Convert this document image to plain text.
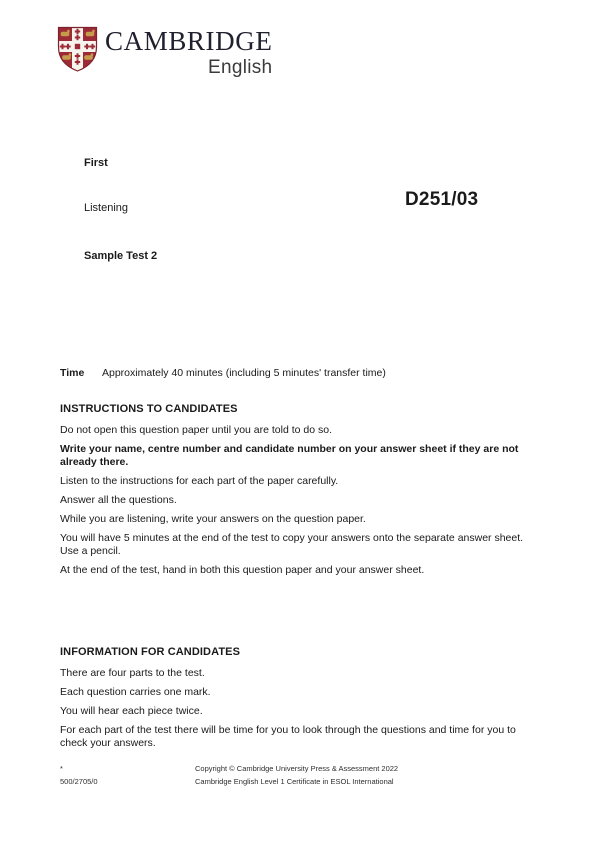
CAMBRIDGE
English
First
Listening	D251/03
Sample Test 2
Time Approximately 40 minutes (including 5 minutes' transfer time)
INSTRUCTIONS TO CANDIDATES

Do not open this question paper until you are told to do so.

Write your name, centre number and candidate number on your answer sheet if they are not already there.

Listen to the instructions for each part of the paper carefully.

Answer all the questions.

While you are listening, write your answers on the question paper.

You will have 5 minutes at the end of the test to copy your answers onto the separate answer sheet. Use a pencil.

At the end of the test, hand in both this question paper and your answer sheet.

INFORMATION FOR CANDIDATES

There are four parts to the test.

Each question carries one mark.

You will hear each piece twice.

For each part of the test there will be time for you to look through the questions and time for you to check your answers.

*
500/2705/0
Copyright © Cambridge University Press & Assessment 2022
Cambridge English Level 1 Certificate in ESOL International
